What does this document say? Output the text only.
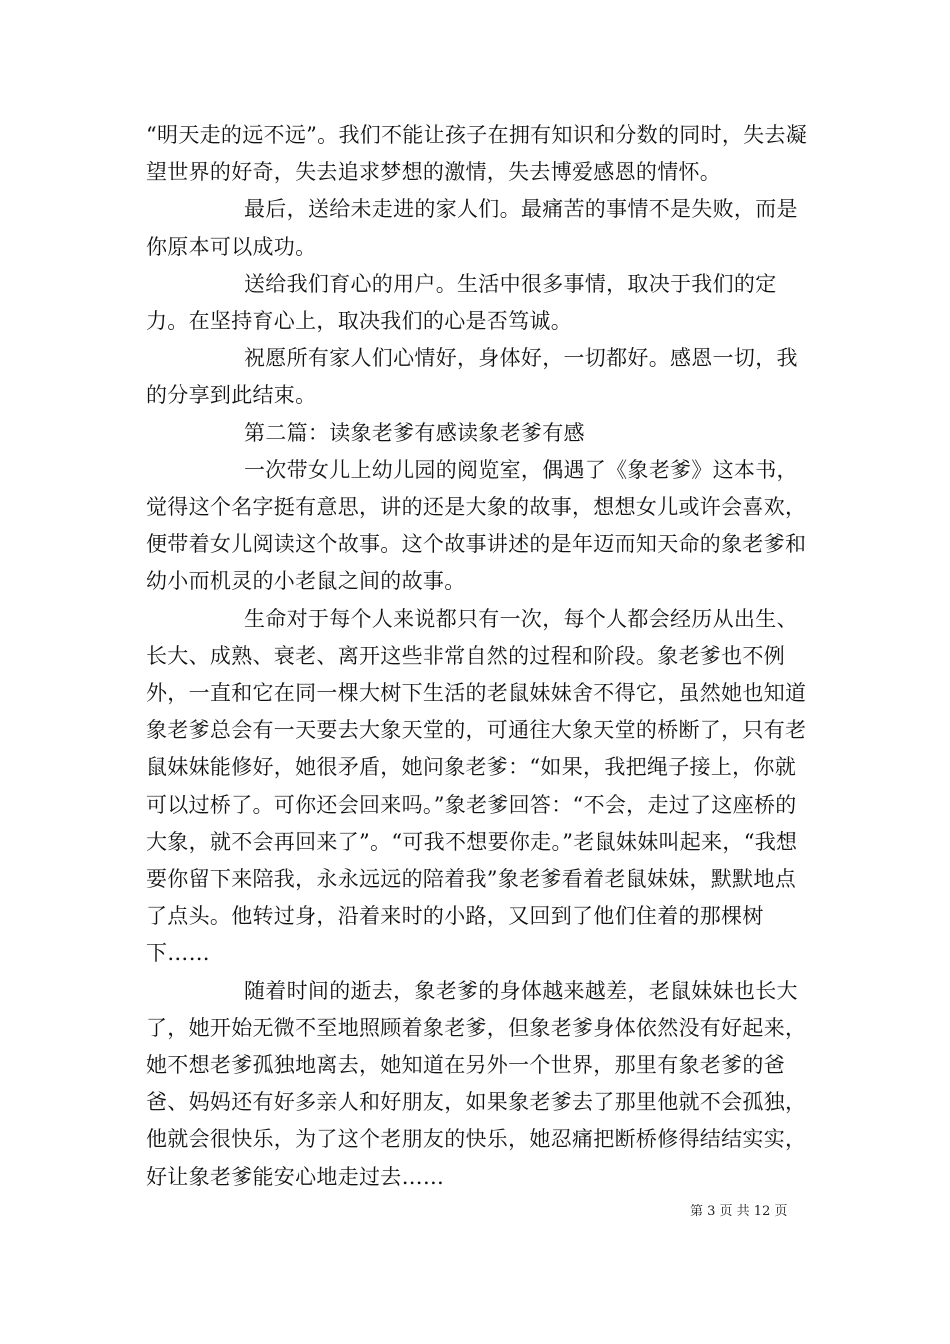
“明天走的远不远”。我们不能让孩子在拥有知识和分数的同时，失去凝望世界的好奇，失去追求梦想的激情，失去博爱感恩的情怀。

最后，送给未走进的家人们。最痛苦的事情不是失败，而是你原本可以成功。

送给我们育心的用户。生活中很多事情，取决于我们的定力。在坚持育心上，取决我们的心是否笃诚。

祝愿所有家人们心情好，身体好，一切都好。感恩一切，我的分享到此结束。

第二篇：读象老爹有感读象老爹有感

一次带女儿上幼儿园的阅览室，偶遇了《象老爹》这本书，觉得这个名字挺有意思，讲的还是大象的故事，想想女儿或许会喜欢，便带着女儿阅读这个故事。这个故事讲述的是年迈而知天命的象老爹和幼小而机灵的小老鼠之间的故事。

生命对于每个人来说都只有一次，每个人都会经历从出生、长大、成熟、衰老、离开这些非常自然的过程和阶段。象老爹也不例外，一直和它在同一棵大树下生活的老鼠妹妹舍不得它，虽然她也知道象老爹总会有一天要去大象天堂的，可通往大象天堂的桥断了，只有老鼠妹妹能修好，她很矛盾，她问象老爹：“如果，我把绳子接上，你就可以过桥了。可你还会回来吗。”象老爹回答：“不会，走过了这座桥的大象，就不会再回来了”。“可我不想要你走。”老鼠妹妹叫起来，“我想要你留下来陪我，永永远远的陪着我”象老爹看着老鼠妹妹，默默地点了点头。他转过身，沿着来时的小路，又回到了他们住着的那棵树下……

随着时间的逝去，象老爹的身体越来越差，老鼠妹妹也长大了，她开始无微不至地照顾着象老爹，但象老爹身体依然没有好起来，她不想老爹孤独地离去，她知道在另外一个世界，那里有象老爹的爸爸、妈妈还有好多亲人和好朋友，如果象老爹去了那里他就不会孤独，他就会很快乐，为了这个老朋友的快乐，她忍痛把断桥修得结结实实，好让象老爹能安心地走过去……

第 3 页 共 12 页
